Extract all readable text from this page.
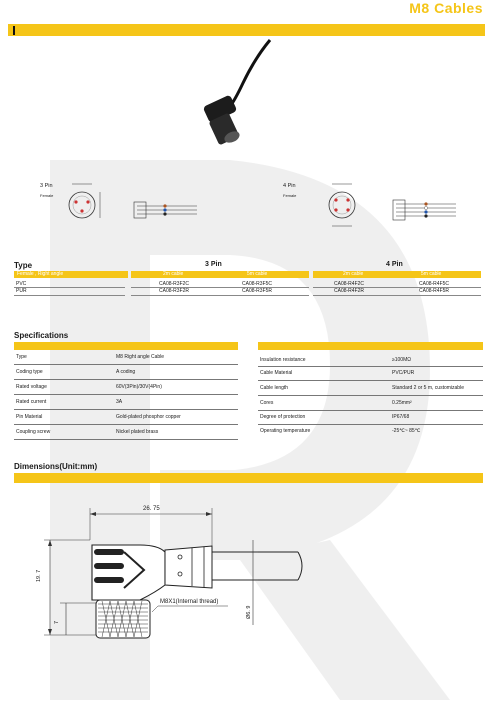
M8 Cables
3 Pin
Female
4 Pin
Female
Type	3 Pin	4 Pin
Female , Right angle	2m cable	5m cable	2m cable	5m cable
PVC	CA08-R3F2C	CA08-R3F5C	CA08-R4F2C	CA08-R4F5C
PUR	CA08-R3F2R	CA08-R3F5R	CA08-R4F2R	CA08-R4F5R
Specifications
Type	M8 Right angle Cable
Coding type	A coding
Rated voltage	60V(3Pin)/30V(4Pin)
Rated current	3A
Pin Material	Gold-plated phosphor copper
Coupling screw	Nickel plated brass
Insulation resistance	≥100MΩ
Cable Material	PVC/PUR
Cable length	Standard 2 or 5 m, customizable
Cores	0.25mm²
Degree of protection	IP67/68
Operating temperature	-25℃~ 85℃
Dimensions(Unit:mm)
26. 75
19. 7
7
M8X1(Internal thread)
Ø6. 9
